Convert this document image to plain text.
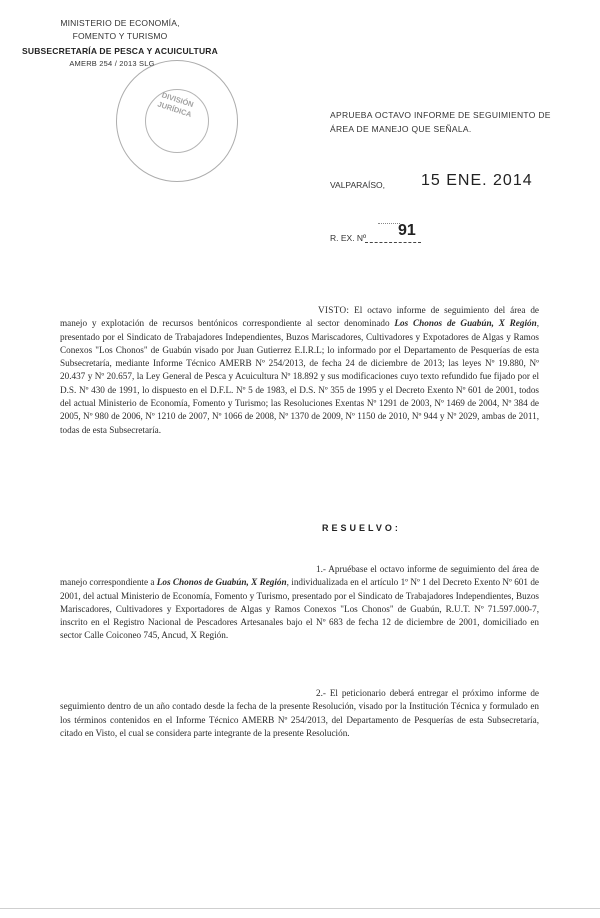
MINISTERIO DE ECONOMÍA,
FOMENTO Y TURISMO
SUBSECRETARÍA DE PESCA Y ACUICULTURA
AMERB 254 / 2013 SLG
DIVISIÓN JURÍDICA	APRUEBA OCTAVO INFORME DE SEGUIMIENTO DE ÁREA DE MANEJO QUE SEÑALA.
VALPARAÍSO, 15 ENE. 2014
R. EX. Nº 91
VISTO: El octavo informe de seguimiento del área de manejo y explotación de recursos bentónicos correspondiente al sector denominado Los Chonos de Guabún, X Región, presentado por el Sindicato de Trabajadores Independientes, Buzos Mariscadores, Cultivadores y Expotadores de Algas y Ramos Conexos "Los Chonos" de Guabún visado por Juan Gutierrez E.I.R.L; lo informado por el Departamento de Pesquerías de esta Subsecretaría, mediante Informe Técnico AMERB Nº 254/2013, de fecha 24 de diciembre de 2013; las leyes Nº 19.880, Nº 20.437 y Nº 20.657, la Ley General de Pesca y Acuicultura Nº 18.892 y sus modificaciones cuyo texto refundido fue fijado por el D.S. Nº 430 de 1991, lo dispuesto en el D.F.L. Nº 5 de 1983, el D.S. Nº 355 de 1995 y el Decreto Exento Nº 601 de 2001, todos del actual Ministerio de Economía, Fomento y Turismo; las Resoluciones Exentas Nº 1291 de 2003, Nº 1469 de 2004, Nº 384 de 2005, Nº 980 de 2006, Nº 1210 de 2007, Nº 1066 de 2008, Nº 1370 de 2009, Nº 1150 de 2010, Nº 944 y Nº 2029, ambas de 2011, todas de esta Subsecretaría.
RESUELVO:
1.- Apruébase el octavo informe de seguimiento del área de manejo correspondiente a Los Chonos de Guabún, X Región, individualizada en el artículo 1º Nº 1 del Decreto Exento Nº 601 de 2001, del actual Ministerio de Economía, Fomento y Turismo, presentado por el Sindicato de Trabajadores Independientes, Buzos Mariscadores, Cultivadores y Exportadores de Algas y Ramos Conexos "Los Chonos" de Guabún, R.U.T. Nº 71.597.000-7, inscrito en el Registro Nacional de Pescadores Artesanales bajo el Nº 683 de fecha 12 de diciembre de 2001, domiciliado en sector Calle Coiconeo 745, Ancud, X Región.
2.- El peticionario deberá entregar el próximo informe de seguimiento dentro de un año contado desde la fecha de la presente Resolución, visado por la Institución Técnica y formulado en los términos contenidos en el Informe Técnico AMERB Nº 254/2013, del Departamento de Pesquerías de esta Subsecretaría, citado en Visto, el cual se considera parte integrante de la presente Resolución.
